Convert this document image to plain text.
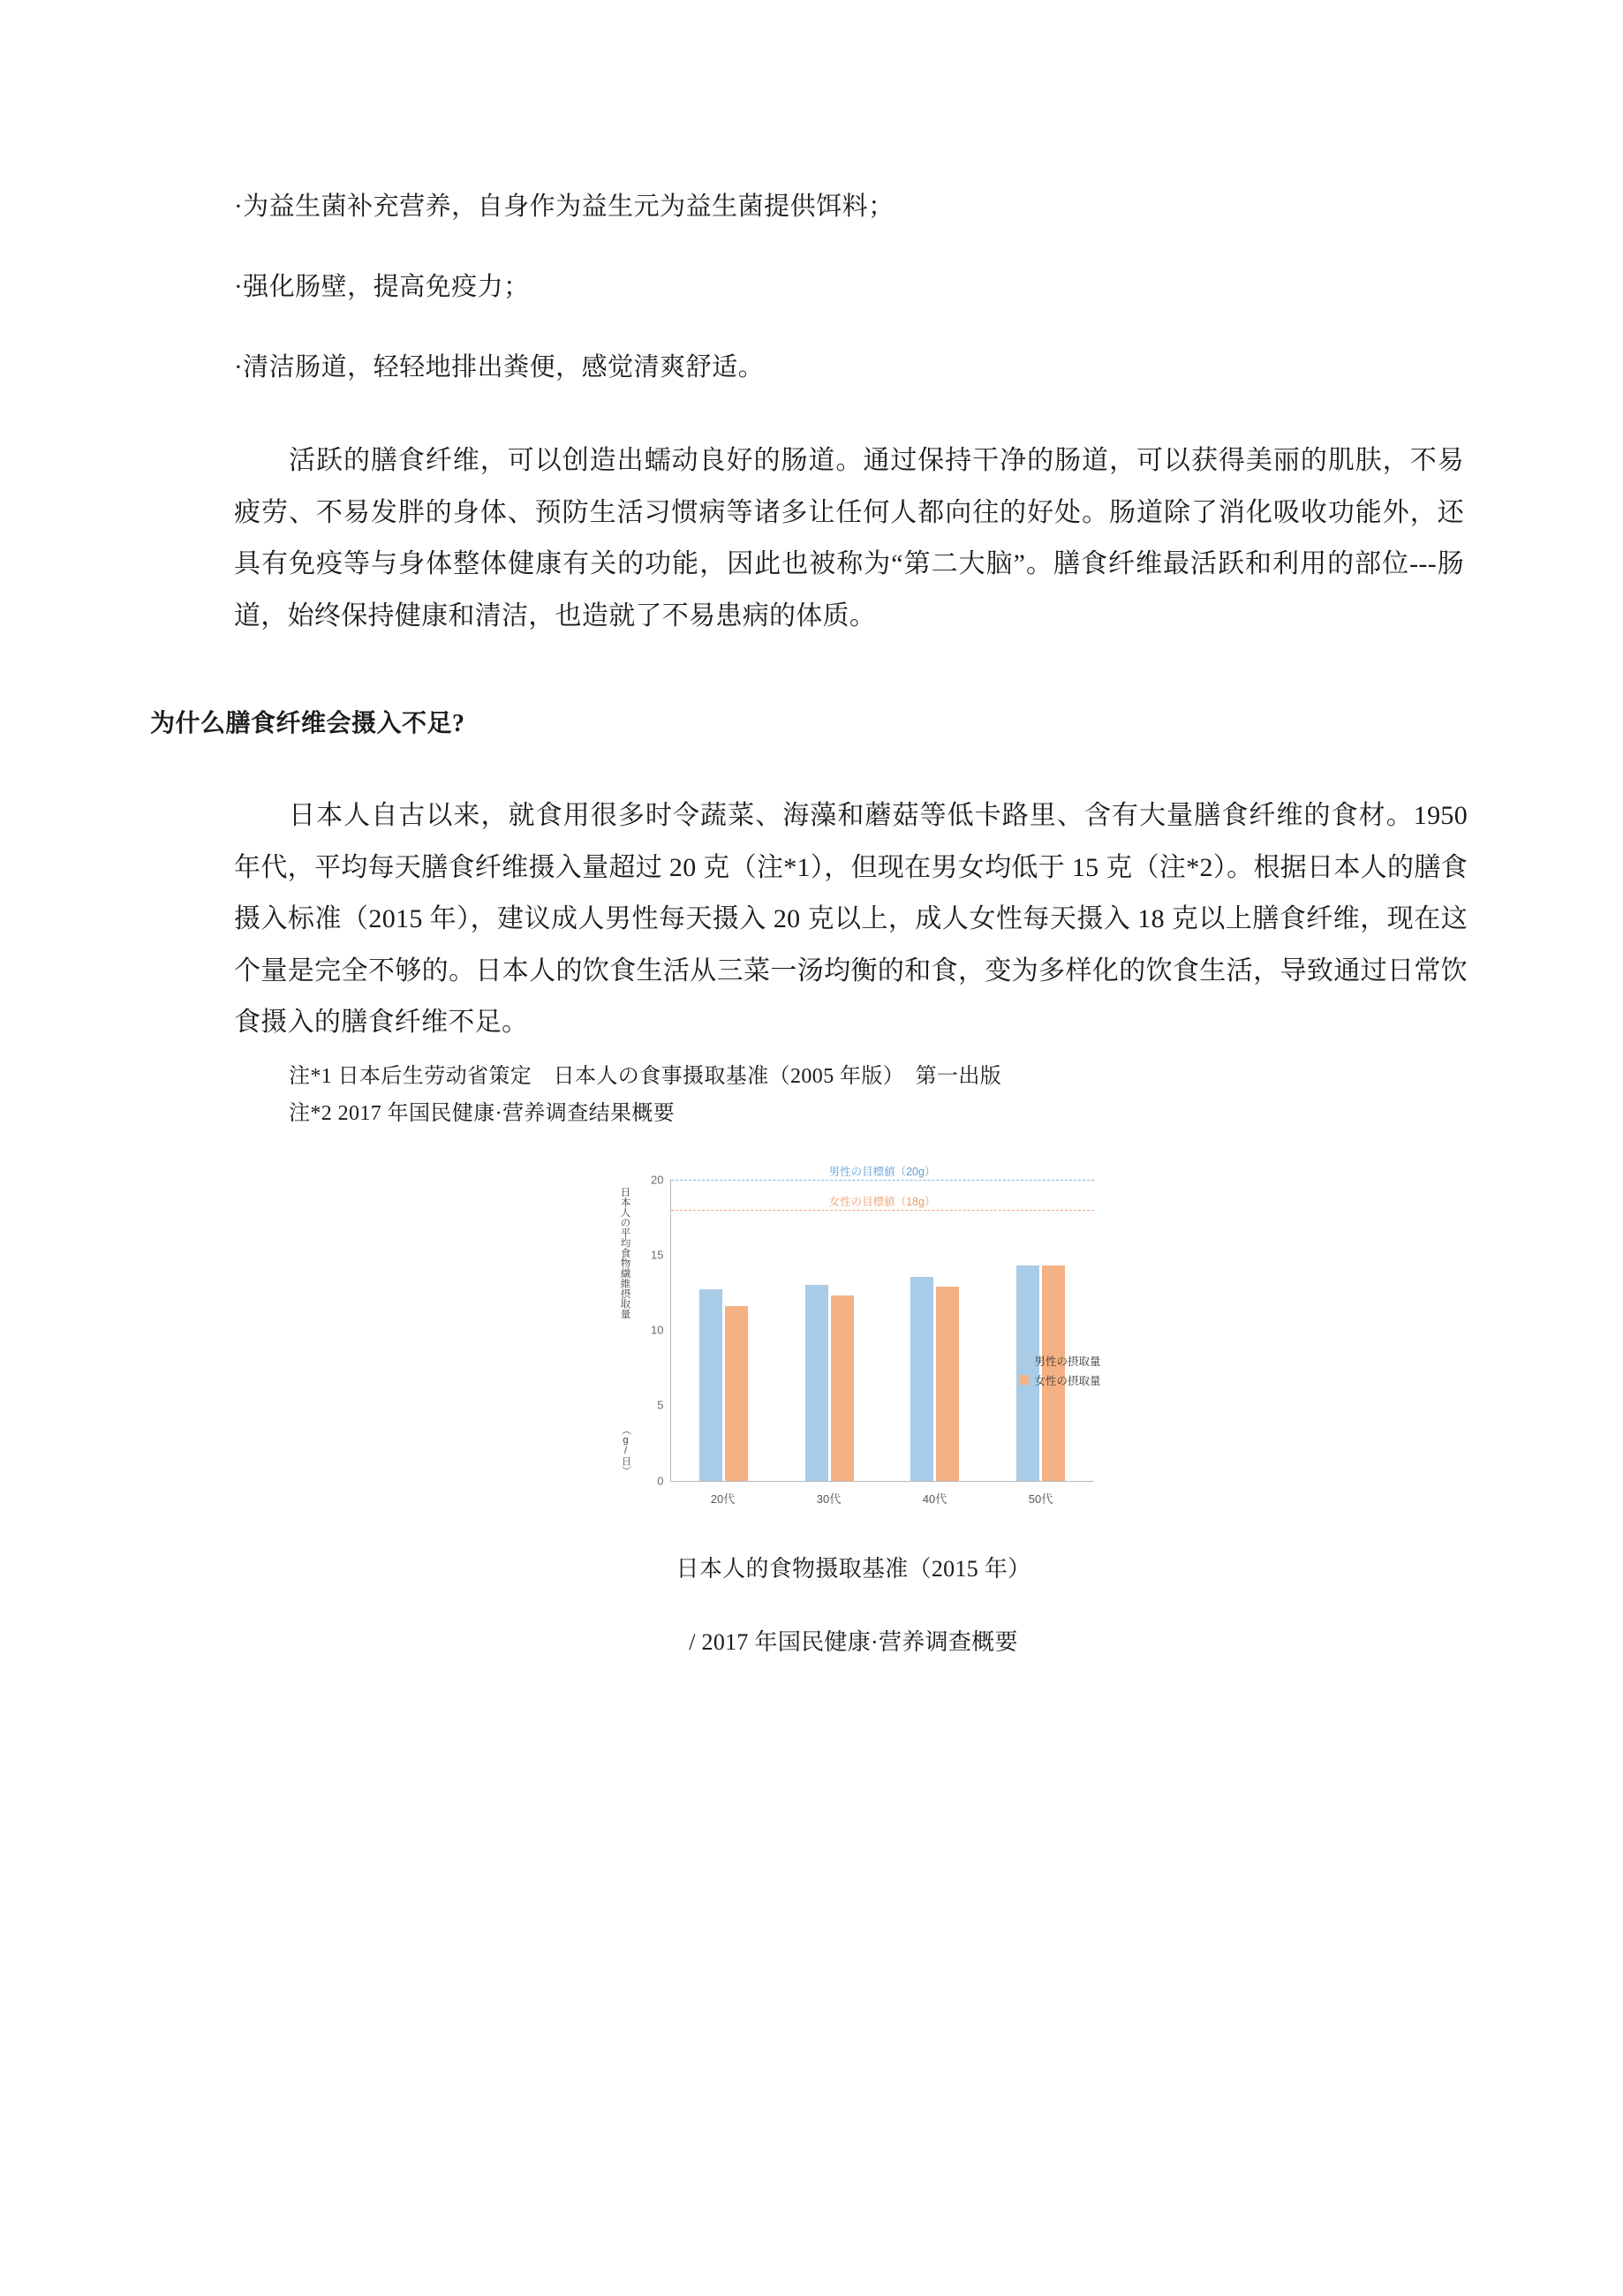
·为益生菌补充营养，自身作为益生元为益生菌提供饵料；
·强化肠壁，提高免疫力；
·清洁肠道，轻轻地排出粪便，感觉清爽舒适。

活跃的膳食纤维，可以创造出蠕动良好的肠道。通过保持干净的肠道，可以获得美丽的肌肤，不易疲劳、不易发胖的身体、预防生活习惯病等诸多让任何人都向往的好处。肠道除了消化吸收功能外，还具有免疫等与身体整体健康有关的功能，因此也被称为“第二大脑”。膳食纤维最活跃和利用的部位---肠道，始终保持健康和清洁，也造就了不易患病的体质。

为什么膳食纤维会摄入不足?

日本人自古以来，就食用很多时令蔬菜、海藻和蘑菇等低卡路里、含有大量膳食纤维的食材。1950 年代，平均每天膳食纤维摄入量超过 20 克（注*1），但现在男女均低于 15 克（注*2）。根据日本人的膳食摄入标准（2015 年），建议成人男性每天摄入 20 克以上，成人女性每天摄入 18 克以上膳食纤维，现在这个量是完全不够的。日本人的饮食生活从三菜一汤均衡的和食，变为多样化的饮食生活，导致通过日常饮食摄入的膳食纤维不足。

注*1 日本后生劳动省策定　日本人の食事摄取基准（2005 年版）　第一出版
注*2 2017 年国民健康·营养调查结果概要
日本人の平均食物繊維摂取量
（g/日）
0
5
10
15
20
男性の目標値（20g）
女性の目標値（18g）
男性の摂取量
女性の摂取量
20代	30代	40代	50代
日本人的食物摄取基准（2015 年）
/ 2017 年国民健康·营养调查概要
